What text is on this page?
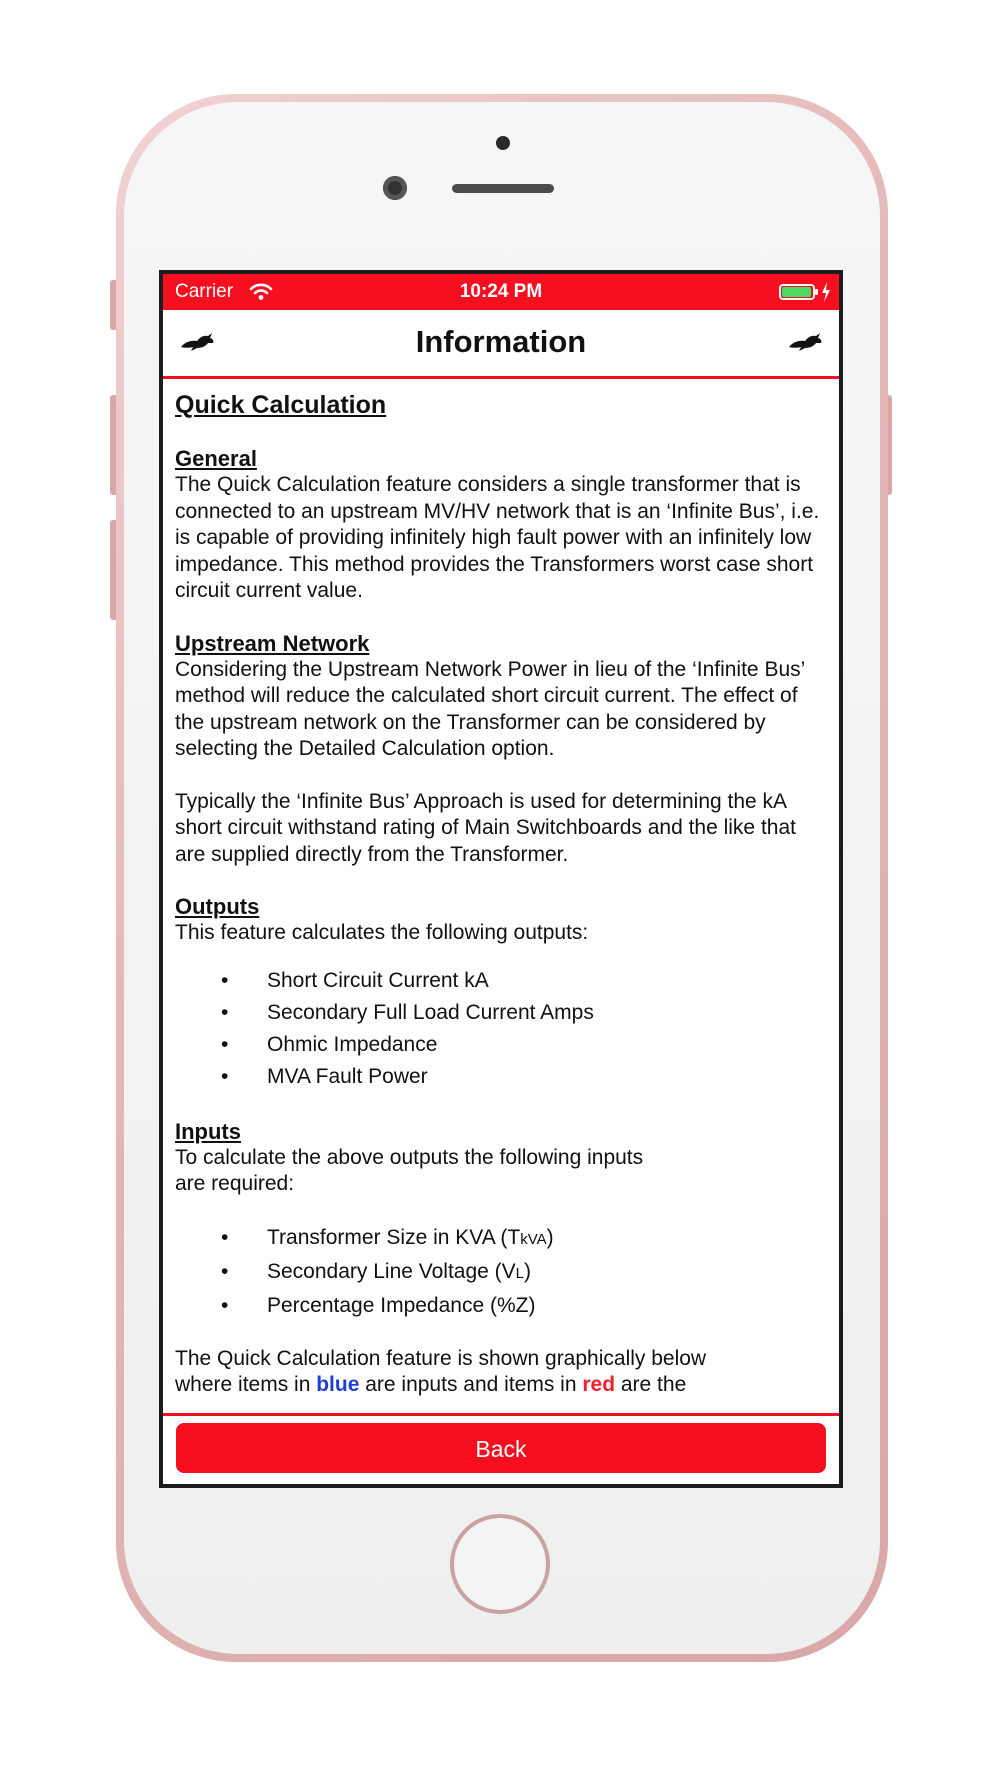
Carrier	10:24 PM
Information
Quick Calculation
General

The Quick Calculation feature considers a single transformer that is connected to an upstream MV/HV network that is an ‘Infinite Bus’, i.e. is capable of providing infinitely high fault power with an infinitely low impedance. This method provides the Transformers worst case short circuit current value.

Upstream Network

Considering the Upstream Network Power in lieu of the ‘Infinite Bus’ method will reduce the calculated short circuit current. The effect of the upstream network on the Transformer can be considered by selecting the Detailed Calculation option.

Typically the ‘Infinite Bus’ Approach is used for determining the kA short circuit withstand rating of Main Switchboards and the like that are supplied directly from the Transformer.

Outputs

This feature calculates the following outputs:

• Short Circuit Current kA
• Secondary Full Load Current Amps
• Ohmic Impedance
• MVA Fault Power
Inputs

To calculate the above outputs the following inputs
are required:

• Transformer Size in KVA (TkVA)
• Secondary Line Voltage (VL)
• Percentage Impedance (%Z)

The Quick Calculation feature is shown graphically below
where items in blue are inputs and items in red are the

Back
